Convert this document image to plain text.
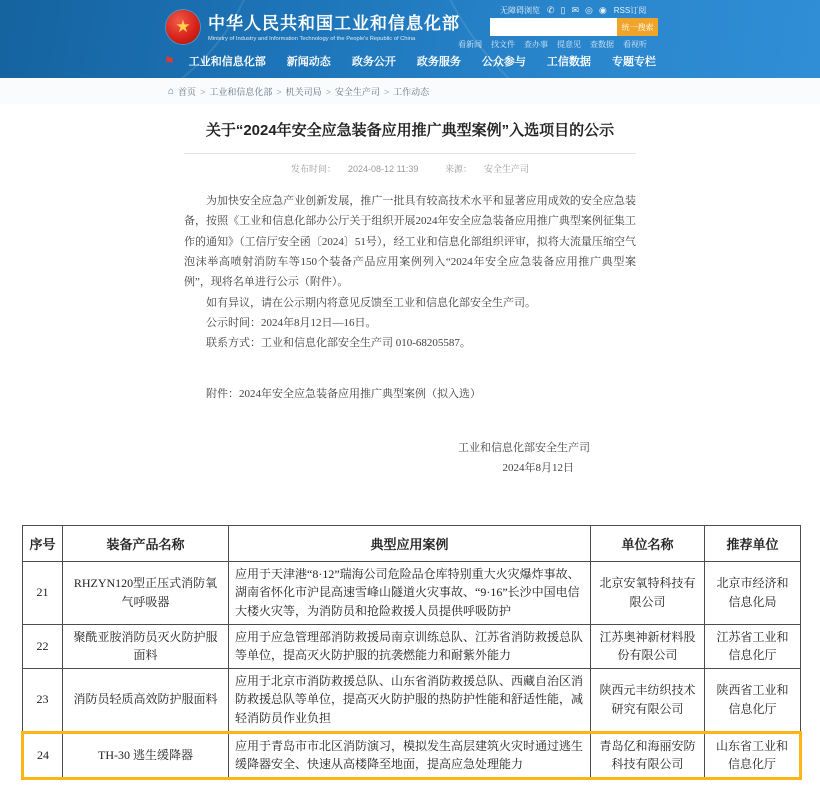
★	中华人民共和国工业和信息化部
Ministry of Industry and Information Technology of the People's Republic of China
无障碍浏览 ✆ ▯ ✉ ◎ ◉ RSS订阅
统一搜索
看新闻 找文件 查办事 提意见 查数据 看视听
⚑ 工业和信息化部 新闻动态 政务公开 政务服务 公众参与 工信数据 专题专栏
⌂ 首页 > 工业和信息化部 > 机关司局 > 安全生产司 > 工作动态
关于“2024年安全应急装备应用推广典型案例”入选项目的公示
发布时间： 2024-08-12 11:39	来源： 安全生产司

为加快安全应急产业创新发展，推广一批具有较高技术水平和显著应用成效的安全应急装备，按照《工业和信息化部办公厅关于组织开展2024年安全应急装备应用推广典型案例征集工作的通知》（工信厅安全函〔2024〕51号），经工业和信息化部组织评审，拟将大流量压缩空气泡沫举高喷射消防车等150个装备产品应用案例列入“2024年安全应急装备应用推广典型案例”，现将名单进行公示（附件）。

如有异议，请在公示期内将意见反馈至工业和信息化部安全生产司。

公示时间：2024年8月12日—16日。

联系方式：工业和信息化部安全生产司 010-68205587。

附件：2024年安全应急装备应用推广典型案例（拟入选）

工业和信息化部安全生产司

2024年8月12日

序号	装备产品名称	典型应用案例	单位名称	推荐单位
21	RHZYN120型正压式消防氧气呼吸器	应用于天津港“8·12”瑞海公司危险品仓库特别重大火灾爆炸事故、湖南省怀化市沪昆高速雪峰山隧道火灾事故、“9·16”长沙中国电信大楼火灾等，为消防员和抢险救援人员提供呼吸防护	北京安氧特科技有限公司	北京市经济和信息化局
22	聚酰亚胺消防员灭火防护服面料	应用于应急管理部消防救援局南京训练总队、江苏省消防救援总队等单位，提高灭火防护服的抗袭燃能力和耐紫外能力	江苏奥神新材料股份有限公司	江苏省工业和信息化厅
23	消防员轻质高效防护服面料	应用于北京市消防救援总队、山东省消防救援总队、西藏自治区消防救援总队等单位，提高灭火防护服的热防护性能和舒适性能，减轻消防员作业负担	陕西元丰纺织技术研究有限公司	陕西省工业和信息化厅
24	TH-30 逃生缓降器	应用于青岛市市北区消防演习，模拟发生高层建筑火灾时通过逃生缓降器安全、快速从高楼降至地面，提高应急处理能力	青岛亿和海丽安防科技有限公司	山东省工业和信息化厅
